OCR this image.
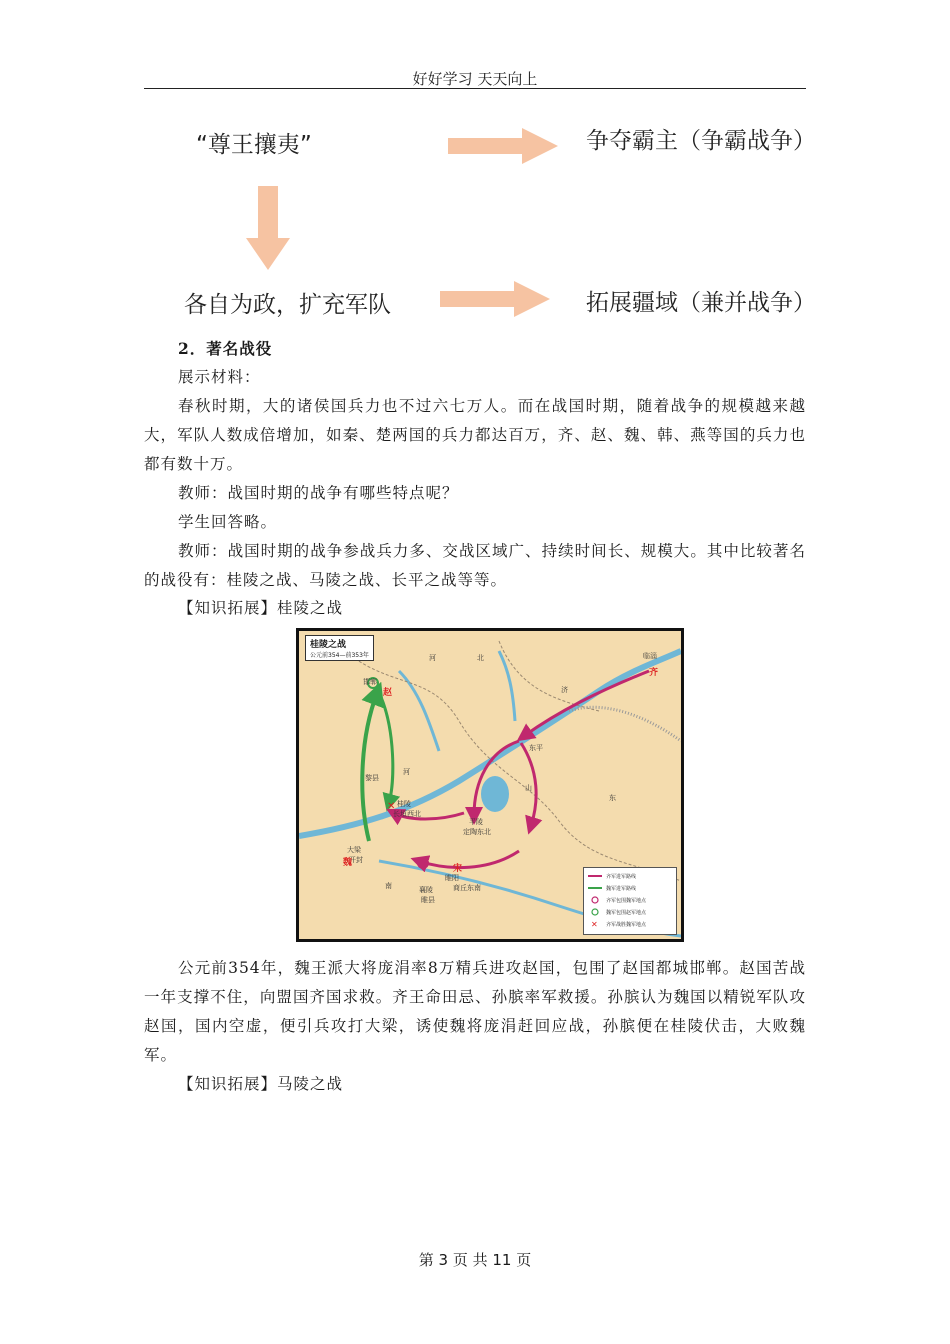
好好学习 天天向上
“尊王攘夷”	争夺霸主（争霸战争）
各自为政，扩充军队	拓展疆域（兼并战争）
2．著名战役
展示材料：
春秋时期，大的诸侯国兵力也不过六七万人。而在战国时期，随着战争的规模越来越大，军队人数成倍增加，如秦、楚两国的兵力都达百万，齐、赵、魏、韩、燕等国的兵力也都有数十万。
教师：战国时期的战争有哪些特点呢？
学生回答略。
教师：战国时期的战争参战兵力多、交战区域广、持续时间长、规模大。其中比较著名的战役有：桂陵之战、马陵之战、长平之战等等。
【知识拓展】桂陵之战
✕
桂陵之战
公元前354—前353年
邯郸
赵
临淄
齐
河	北
河
黎县
东平
济
山
东
桂陵
长垣西北
平陵
定陶东北
大梁
开封
魏
宋
睢阳
商丘东南
襄陵
睢县
南
✕
齐军进军路线
魏军进军路线
齐军包围魏军地点
魏军包围赵军地点
齐军战胜魏军地点
公元前354年，魏王派大将庞涓率8万精兵进攻赵国，包围了赵国都城邯郸。赵国苦战一年支撑不住，向盟国齐国求救。齐王命田忌、孙膑率军救援。孙膑认为魏国以精锐军队攻赵国，国内空虚，便引兵攻打大梁，诱使魏将庞涓赶回应战，孙膑便在桂陵伏击，大败魏军。
【知识拓展】马陵之战
第 3 页 共 11 页
